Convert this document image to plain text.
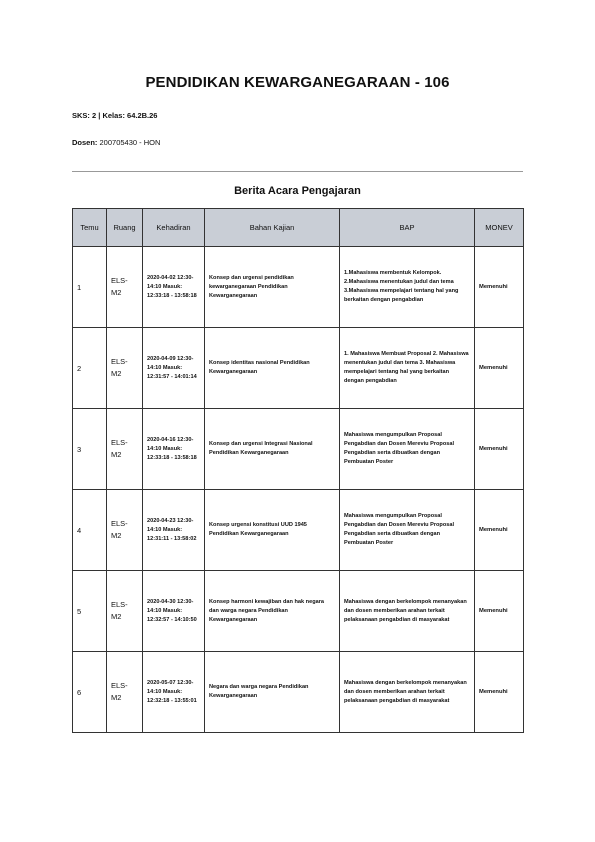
PENDIDIKAN KEWARGANEGARAAN - 106
SKS: 2 | Kelas: 64.2B.26
Dosen: 200705430 - HON
Berita Acara Pengajaran
Temu	Ruang	Kehadiran	Bahan Kajian	BAP	MONEV
1	ELS-M2	2020-04-02 12:30-14:10 Masuk: 12:33:18 - 13:58:18	Konsep dan urgensi pendidikan kewarganegaraan Pendidikan Kewarganegaraan	1.Mahasiswa membentuk Kelompok. 2.Mahasiswa menentukan judul dan tema 3.Mahasiswa mempelajari tentang hal yang berkaitan dengan pengabdian	Memenuhi
2	ELS-M2	2020-04-09 12:30-14:10 Masuk: 12:31:57 - 14:01:14	Konsep identitas nasional Pendidikan Kewarganegaraan	1. Mahasiswa Membuat Proposal 2. Mahasiswa menentukan judul dan tema 3. Mahasiswa mempelajari tentang hal yang berkaitan dengan pengabdian	Memenuhi
3	ELS-M2	2020-04-16 12:30-14:10 Masuk: 12:33:18 - 13:58:18	Konsep dan urgensi Integrasi Nasional Pendidikan Kewarganegaraan	Mahasiswa mengumpulkan Proposal Pengabdian dan Dosen Mereviu Proposal Pengabdian serta dibuatkan dengan Pembuatan Poster	Memenuhi
4	ELS-M2	2020-04-23 12:30-14:10 Masuk: 12:31:11 - 13:58:02	Konsep urgensi konstitusi UUD 1945 Pendidikan Kewarganegaraan	Mahasiswa mengumpulkan Proposal Pengabdian dan Dosen Mereviu Proposal Pengabdian serta dibuatkan dengan Pembuatan Poster	Memenuhi
5	ELS-M2	2020-04-30 12:30-14:10 Masuk: 12:32:57 - 14:10:50	Konsep harmoni kewajiban dan hak negara dan warga negara Pendidikan Kewarganegaraan	Mahasiswa dengan berkelompok menanyakan dan dosen memberikan arahan terkait pelaksanaan pengabdian di masyarakat	Memenuhi
6	ELS-M2	2020-05-07 12:30-14:10 Masuk: 12:32:18 - 13:55:01	Negara dan warga negara Pendidikan Kewarganegaraan	Mahasiswa dengan berkelompok menanyakan dan dosen memberikan arahan terkait pelaksanaan pengabdian di masyarakat	Memenuhi
